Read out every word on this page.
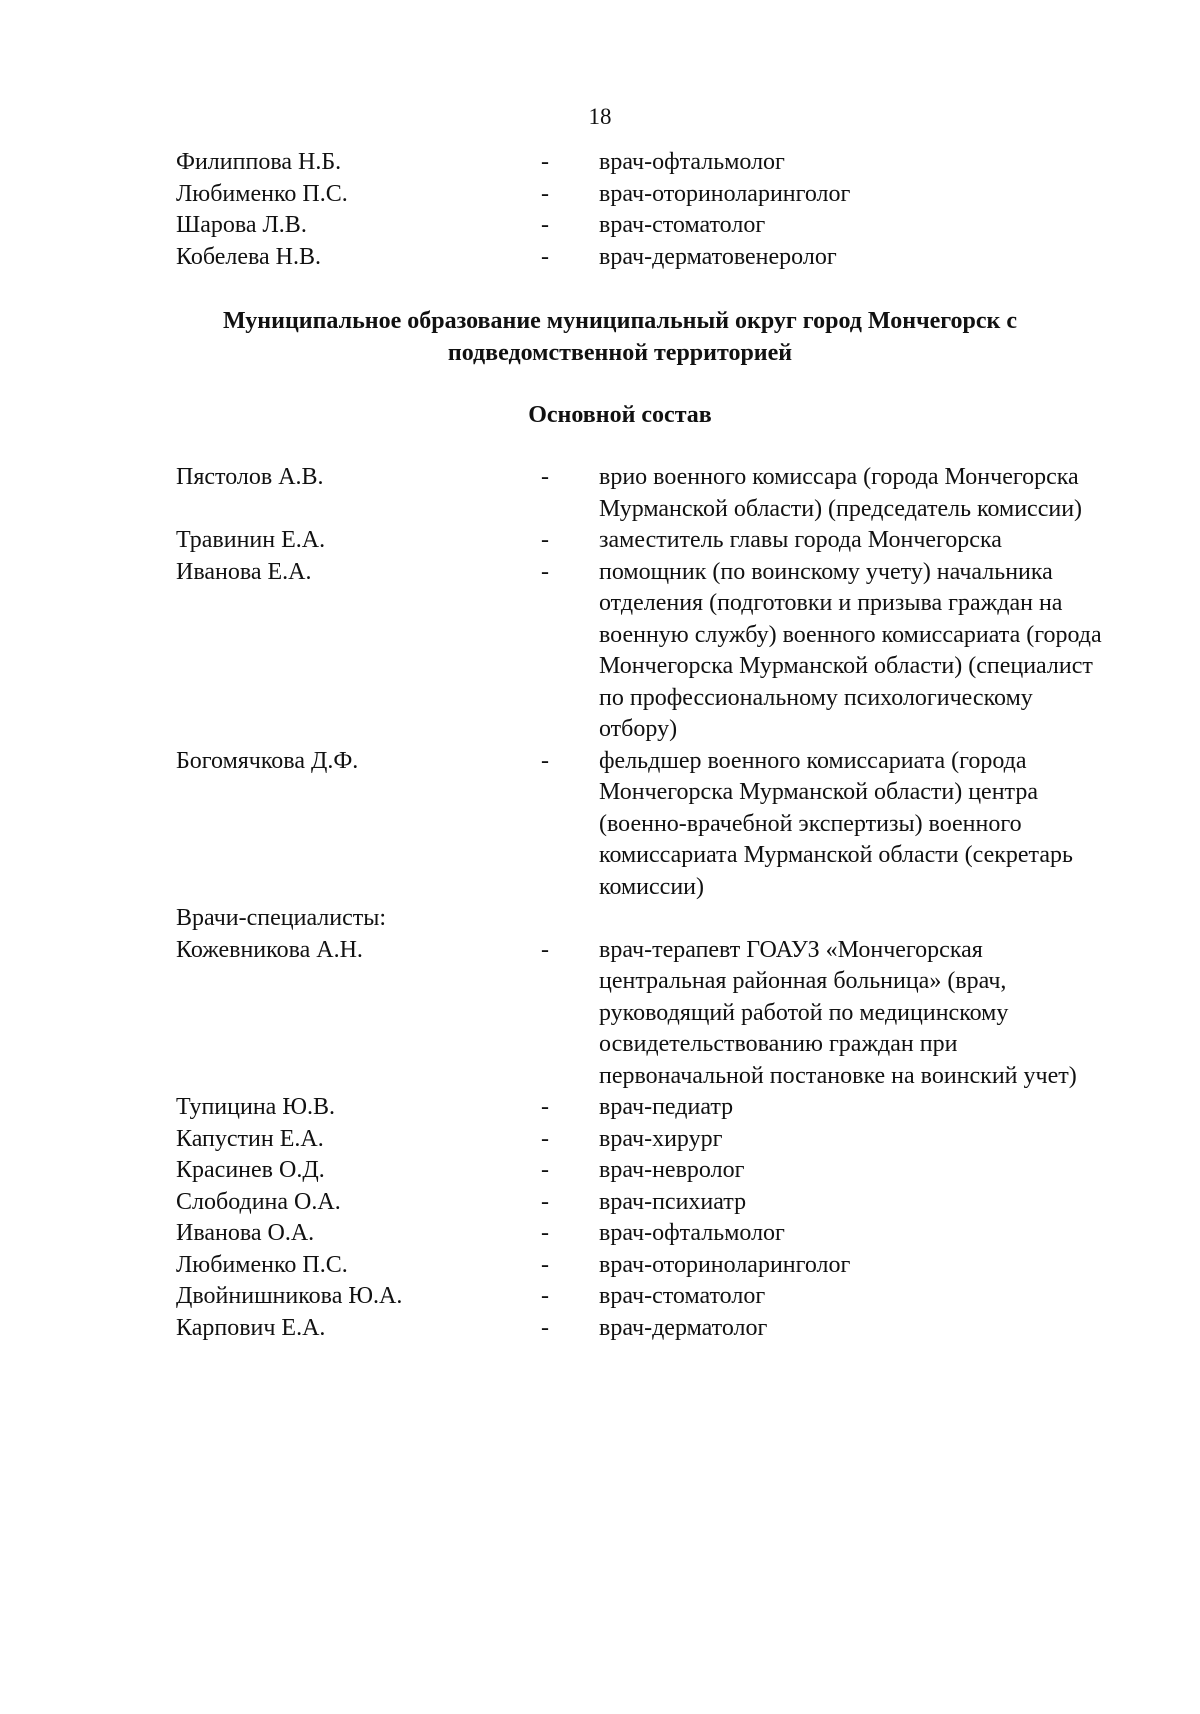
18
Филиппова Н.Б.	- врач-офтальмолог
Любименко П.С.	- врач-оториноларинголог
Шарова Л.В.	- врач-стоматолог
Кобелева Н.В.	- врач-дерматовенеролог
Муниципальное образование муниципальный округ город Мончегорск с
подведомственной территорией
Основной состав
Пястолов А.В.	- врио военного комиссара (города Мончегорска Мурманской области) (председатель комиссии)
Травинин Е.А.	- заместитель главы города Мончегорска
Иванова Е.А.	- помощник (по воинскому учету) начальника отделения (подготовки и призыва граждан на военную службу) военного комиссариата (города Мончегорска Мурманской области) (специалист по профессиональному психологическому отбору)
Богомячкова Д.Ф.	- фельдшер военного комиссариата (города Мончегорска Мурманской области) центра (военно-врачебной экспертизы) военного комиссариата Мурманской области (секретарь комиссии)
Врачи-специалисты:
Кожевникова А.Н.	- врач-терапевт ГОАУЗ «Мончегорская центральная районная больница» (врач, руководящий работой по медицинскому освидетельствованию граждан при первоначальной постановке на воинский учет)
Тупицина Ю.В.	- врач-педиатр
Капустин Е.А.	- врач-хирург
Красинев О.Д.	- врач-невролог
Слободина О.А.	- врач-психиатр
Иванова О.А.	- врач-офтальмолог
Любименко П.С.	- врач-оториноларинголог
Двойнишникова Ю.А.	- врач-стоматолог
Карпович Е.А.	- врач-дерматолог
